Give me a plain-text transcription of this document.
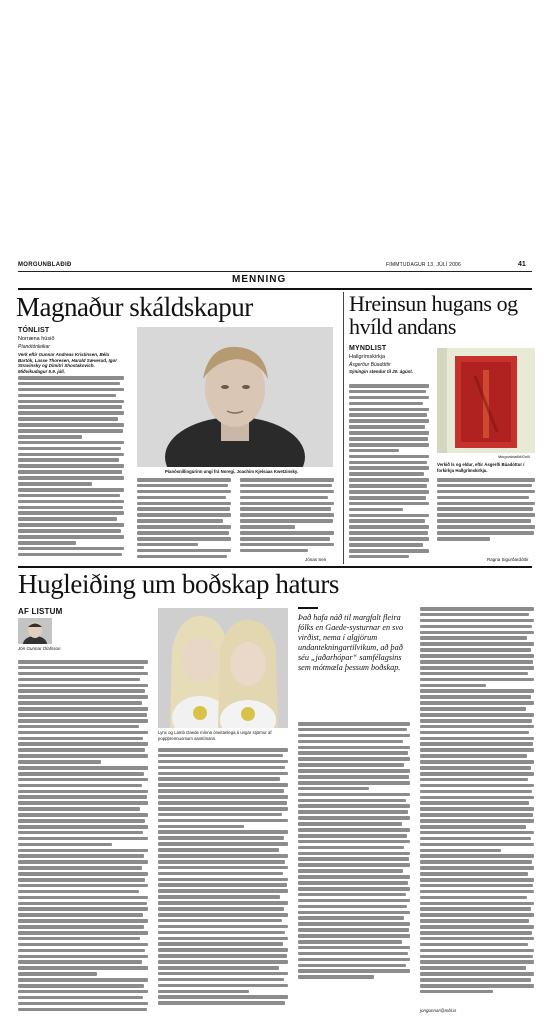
MORGUNBLAÐIÐ	FIMMTUDAGUR 13. JÚLÍ 2006	41
MENNING
Magnaður skáldskapur
TÓNLIST
Norræna húsið
Píanótónleikar
Verk eftir Gunnar Andreas Kristinsen, Béla Bartók, Lasse Thoresen, Harald Sæverud, Igor Stravinsky og Dimitri Shostakovich. Miðvikudagur 5.9. júlí.
Píanósnillingurinn ungi frá Noregi, Joachim Kjelsaas Kwetzinsky.
Jónas Sen
Hreinsun hugans og hvíld andans
MYNDLIST
Hallgrímskirkja
Ásgerður Búadóttir
Sýningin stendur til 20. ágúst.
Morgunblaðið/Golli
Verkið Ís og eldur, eftir Ásgerði Búadóttur í forkirkju Hallgrímskirkju.
Ragna Sigurðardóttir
Hugleiðing um boðskap haturs
AF LISTUM
Jón Gunnar Ólafsson
Lynx og Lamb Gaede mínna óneitanlega á ungar stjörnur af poppþrennuorsum samtímans.
Það hafa náð til margfalt fleira fólks en Gaede-systurnar en svo virðist, nema í algjörum undantekningartilvikum, að það séu „jaðarhópar“ samfélagsins sem mótmæla þessum boðskap.
jongunnar@mbl.is
